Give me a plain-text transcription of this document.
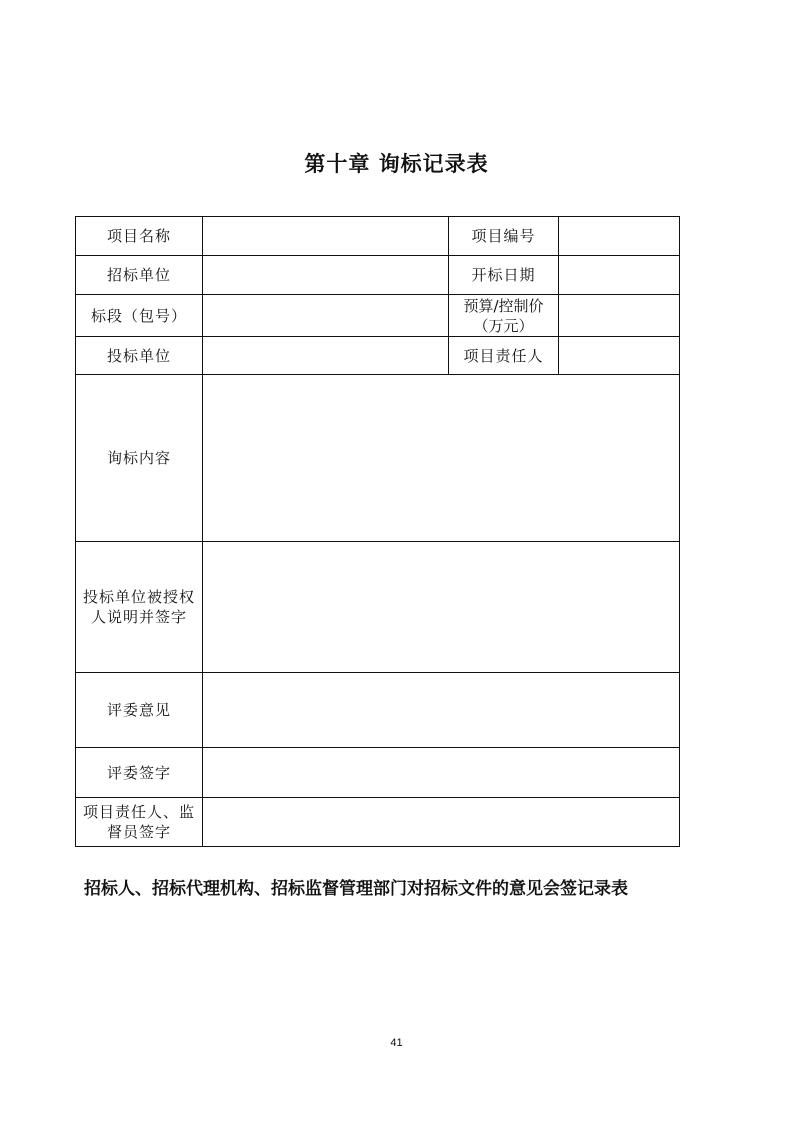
第十章 询标记录表
项目名称		项目编号	
招标单位		开标日期	
标段（包号）		预算/控制价
（万元）	
投标单位		项目责任人	
询标内容			
投标单位被授权
人说明并签字			
评委意见			
评委签字			
项目责任人、监
督员签字			
招标人、招标代理机构、招标监督管理部门对招标文件的意见会签记录表
41
